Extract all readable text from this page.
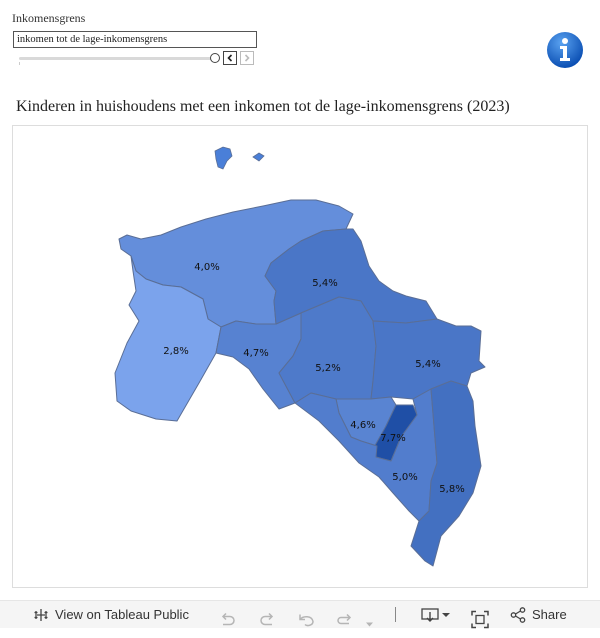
Inkomensgrens
inkomen tot de lage-inkomensgrens
Kinderen in huishoudens met een inkomen tot de lage-inkomensgrens (2023)
4,0%
2,8%	4,7%
5,4%
5,2%	5,4%
4,6%
7,7%
5,0%
5,8%
View on Tableau Public	Share
